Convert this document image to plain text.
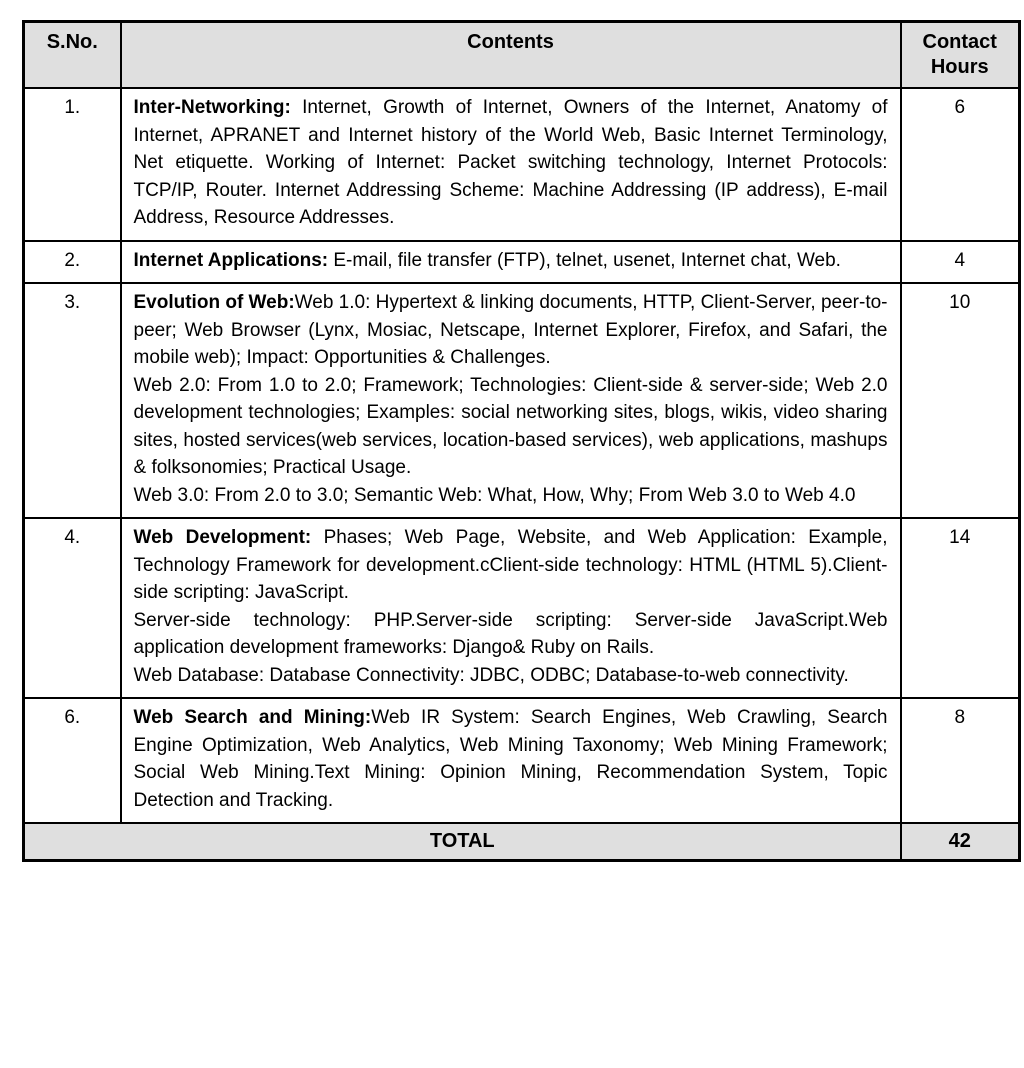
S.No.	Contents	Contact Hours
1.	Inter-Networking: Internet, Growth of Internet, Owners of the Internet, Anatomy of Internet, APRANET and Internet history of the World Web, Basic Internet Terminology, Net etiquette. Working of Internet: Packet switching technology, Internet Protocols: TCP/IP, Router. Internet Addressing Scheme: Machine Addressing (IP address), E-mail Address, Resource Addresses.	6
2.	Internet Applications: E-mail, file transfer (FTP), telnet, usenet, Internet chat, Web.	4
3.	Evolution of Web:Web 1.0: Hypertext & linking documents, HTTP, Client-Server, peer-to-peer; Web Browser (Lynx, Mosiac, Netscape, Internet Explorer, Firefox, and Safari, the mobile web); Impact: Opportunities & Challenges.

Web 2.0: From 1.0 to 2.0; Framework; Technologies: Client-side & server-side; Web 2.0 development technologies; Examples: social networking sites, blogs, wikis, video sharing sites, hosted services(web services, location-based services), web applications, mashups & folksonomies; Practical Usage.

Web 3.0: From 2.0 to 3.0; Semantic Web: What, How, Why; From Web 3.0 to Web 4.0	10
4.	Web Development: Phases; Web Page, Website, and Web Application: Example, Technology Framework for development.cClient-side technology: HTML (HTML 5).Client-side scripting: JavaScript.

Server-side technology: PHP.Server-side scripting: Server-side JavaScript.Web application development frameworks: Django& Ruby on Rails.

Web Database: Database Connectivity: JDBC, ODBC; Database-to-web connectivity.	14
6.	Web Search and Mining:Web IR System: Search Engines, Web Crawling, Search Engine Optimization, Web Analytics, Web Mining Taxonomy; Web Mining Framework; Social Web Mining.Text Mining: Opinion Mining, Recommendation System, Topic Detection and Tracking.	8
TOTAL		42
